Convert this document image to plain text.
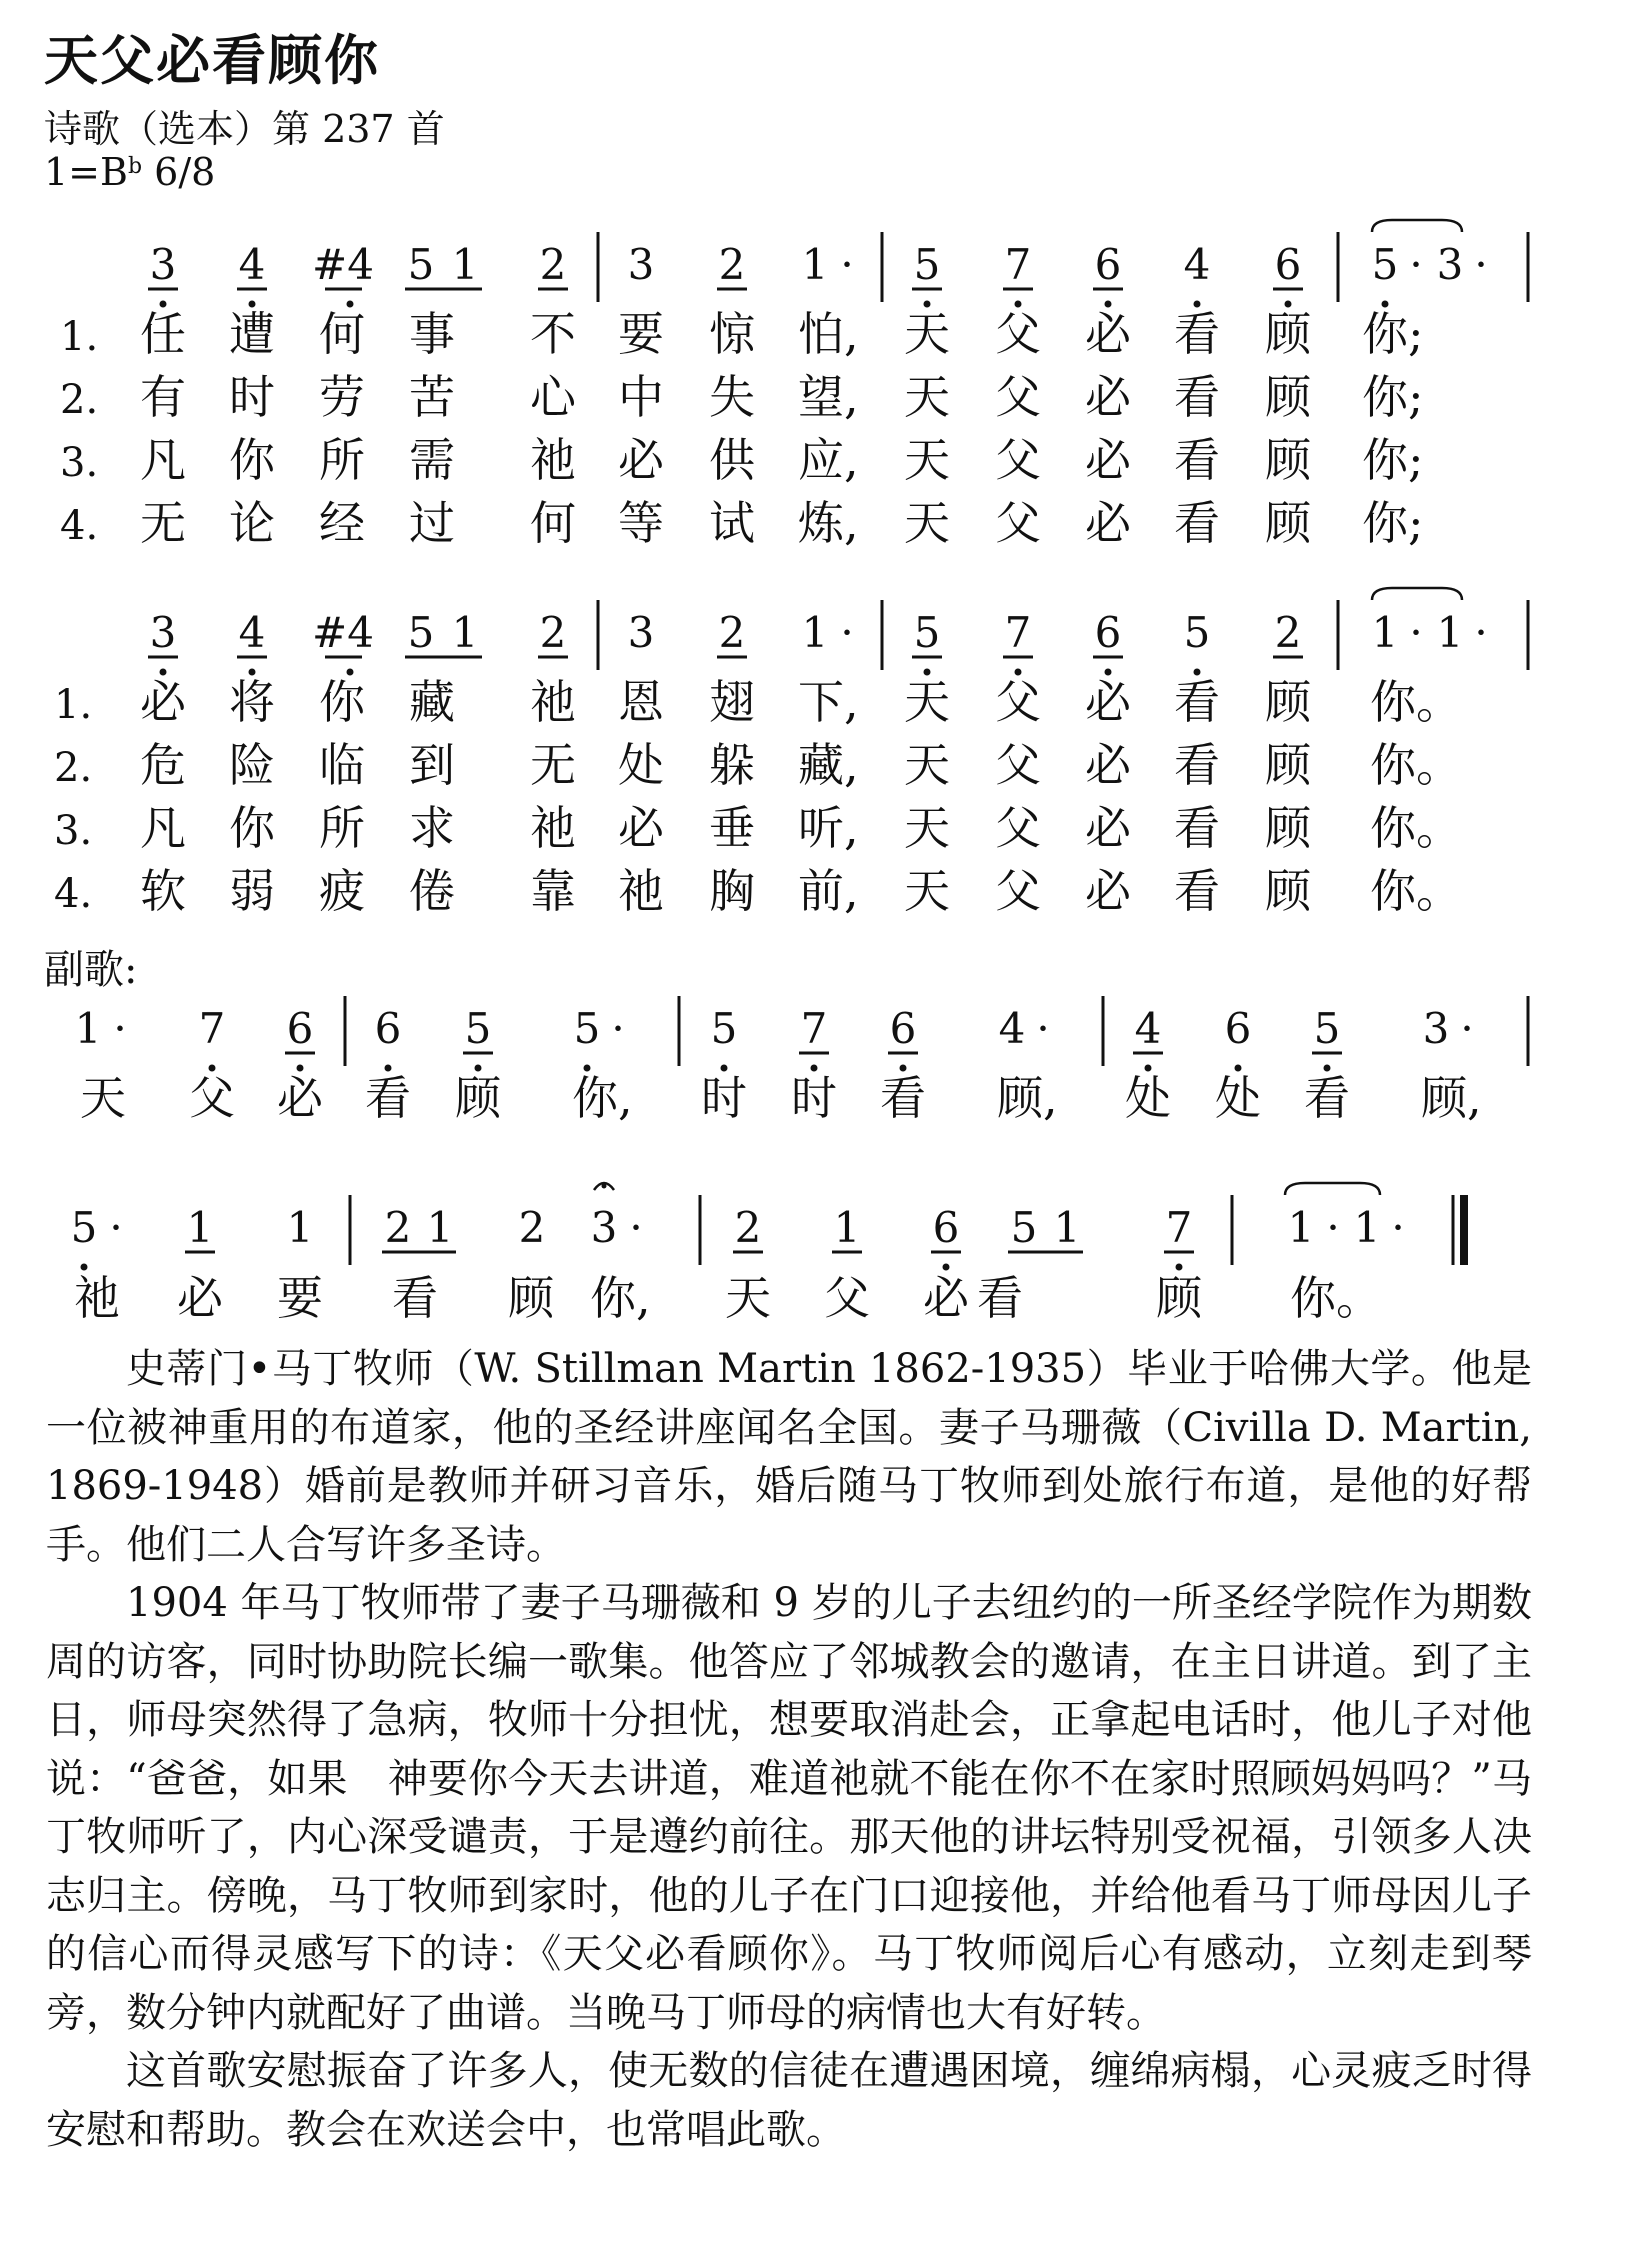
天父必看顾你
诗歌（选本）第 237 首
$1=B^b$ 6/8
3 4 #4 5 1 2 3 2 1 · 5 7 6 4 6 5 · 3 ·
1. 任 遭 何 事 不 要 惊 怕, 天 父 必 看 顾 你;
2. 有 时 劳 苦 心 中 失 望, 天 父 必 看 顾 你;
3. 凡 你 所 需 祂 必 供 应, 天 父 必 看 顾 你;
4. 无 论 经 过 何 等 试 炼, 天 父 必 看 顾 你;
3 4 #4 5 1 2 3 2 1 · 5 7 6 5 2 1 · 1 ·
1. 必 将 你 藏 祂 恩 翅 下, 天 父 必 看 顾 你。
2. 危 险 临 到 无 处 躲 藏, 天 父 必 看 顾 你。
3. 凡 你 所 求 祂 必 垂 听, 天 父 必 看 顾 你。
4. 软 弱 疲 倦 靠 祂 胸 前, 天 父 必 看 顾 你。
副歌:
1 · 7 6 6 5 5 · 5 7 6 4 · 4 6 5 3 ·
天 父 必 看 顾 你, 时 时 看 顾, 处 处 看 顾,
5 · 1 1 2 1 2 3 · 2 1 6 5 1 7 1 · 1 ·
祂 必 要 看 顾 你, 天 父 必 看	顾 你。

史蒂门•马丁牧师（W. Stillman Martin 1862-1935）毕业于哈佛大学。他是一位被神重用的布道家，他的圣经讲座闻名全国。妻子马珊薇（Civilla D. Martin, 1869-1948）婚前是教师并研习音乐，婚后随马丁牧师到处旅行布道，是他的好帮手。他们二人合写许多圣诗。

1904 年马丁牧师带了妻子马珊薇和 9 岁的儿子去纽约的一所圣经学院作为期数周的访客，同时协助院长编一歌集。他答应了邻城教会的邀请，在主日讲道。到了主日，师母突然得了急病，牧师十分担忧，想要取消赴会，正拿起电话时，他儿子对他说：“爸爸，如果　神要你今天去讲道，难道祂就不能在你不在家时照顾妈妈吗？”马丁牧师听了，内心深受谴责，于是遵约前往。那天他的讲坛特别受祝福，引领多人决志归主。傍晚，马丁牧师到家时，他的儿子在门口迎接他，并给他看马丁师母因儿子的信心而得灵感写下的诗：《天父必看顾你》。马丁牧师阅后心有感动，立刻走到琴旁，数分钟内就配好了曲谱。当晚马丁师母的病情也大有好转。

这首歌安慰振奋了许多人，使无数的信徒在遭遇困境，缠绵病榻，心灵疲乏时得安慰和帮助。教会在欢送会中，也常唱此歌。
